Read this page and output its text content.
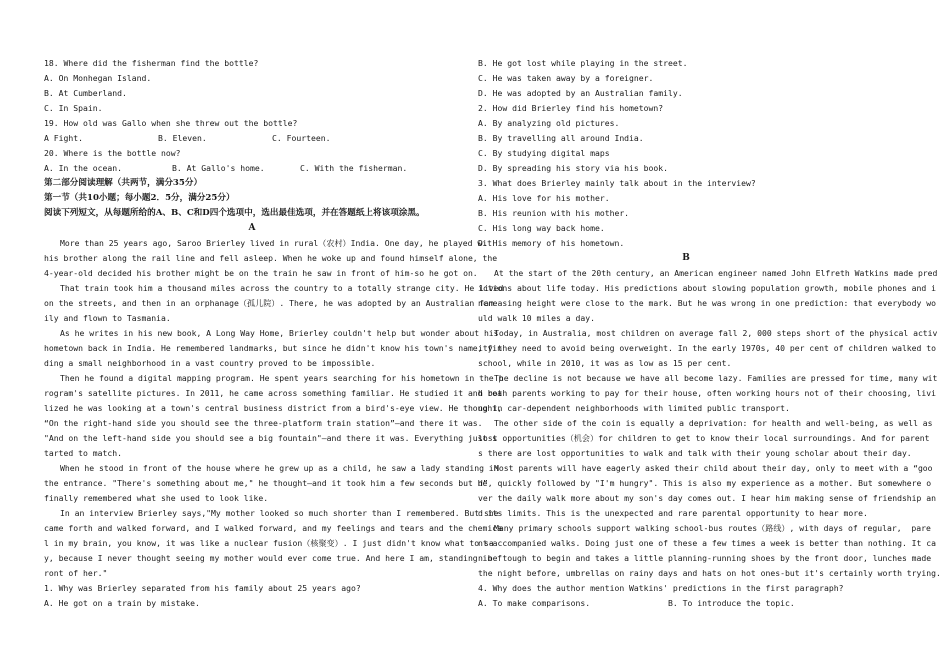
18. Where did the fisherman find the bottle?
A. On Monhegan Island.
B. At Cumberland.
C. In Spain.
19. How old was Gallo when she threw out the bottle?
A Fight.	B. Eleven.	C. Fourteen.
20. Where is the bottle now?
A. In the ocean.	B. At Gallo's home.	C. With the fisherman.
第二部分阅读理解（共两节，满分35分）
第一节（共10小题；每小题2．5分，满分25分）
阅读下列短文，从每题所给的A、B、C和D四个选项中，选出最佳选项，并在答题纸上将该项涂黑。
A
More than 25 years ago, Saroo Brierley lived in rural（农村）India. One day, he played wit
his brother along the rail line and fell asleep. When he woke up and found himself alone, the
4-year-old decided his brother might be on the train he saw in front of him-so he got on.
That train took him a thousand miles across the country to a totally strange city. He lived
on the streets, and then in an orphanage（孤儿院）. There, he was adopted by an Australian fam
ily and flown to Tasmania.
As he writes in his new book, A Long Way Home, Brierley couldn't help but wonder about his
hometown back in India. He remembered landmarks, but since he didn't know his town's name, fin
ding a small neighborhood in a vast country proved to be impossible.
Then he found a digital mapping program. He spent years searching for his hometown in the p
rogram's satellite pictures. In 2011, he came across something familiar. He studied it and rea
lized he was looking at a town's central business district from a bird's-eye view. He thought,
“On the right-hand side you should see the three-platform train station”—and there it was.
"And on the left-hand side you should see a big fountain"—and there it was. Everything just s
tarted to match.
When he stood in front of the house where he grew up as a child, he saw a lady standing in
the entrance. "There's something about me," he thought—and it took him a few seconds but he
finally remembered what she used to look like.
In an interview Brierley says,"My mother looked so much shorter than I remembered. But she
came forth and walked forward, and I walked forward, and my feelings and tears and the chemica
l in my brain, you know, it was like a nuclear fusion（核聚变）. I just didn't know what to sa
y, because I never thought seeing my mother would ever come true. And here I am, standing in f
ront of her."
1. Why was Brierley separated from his family about 25 years ago?
A. He got on a train by mistake.
B. He got lost while playing in the street.
C. He was taken away by a foreigner.
D. He was adopted by an Australian family.
2. How did Brierley find his hometown?
A. By analyzing old pictures.
B. By travelling all around India.
C. By studying digital maps
D. By spreading his story via his book.
3. What does Brierley mainly talk about in the interview?
A. His love for his mother.
B. His reunion with his mother.
C. His long way back home.
D. His memory of his hometown.
B
At the start of the 20th century, an American engineer named John Elfreth Watkins made pred
ictions about life today. His predictions about slowing population growth, mobile phones and i
ncreasing height were close to the mark. But he was wrong in one prediction: that everybody wo
uld walk 10 miles a day.
Today, in Australia, most children on average fall 2, 000 steps short of the physical activ
ity they need to avoid being overweight. In the early 1970s, 40 per cent of children walked to
school, while in 2010, it was as low as 15 per cent.
The decline is not because we have all become lazy. Families are pressed for time, many wit
h both parents working to pay for their house, often working hours not of their choosing, livi
ng in car-dependent neighborhoods with limited public transport.
The other side of the coin is equally a deprivation: for health and well-being, as well as
lost opportunities（机会）for children to get to know their local surroundings. And for parent
s there are lost opportunities to walk and talk with their young scholar about their day.
Most parents will have eagerly asked their child about their day, only to meet with a “goo
d”, quickly followed by "I'm hungry". This is also my experience as a mother. But somewhere o
ver the daily walk more about my son's day comes out. I hear him making sense of friendship an
d its limits. This is the unexpected and rare parental opportunity to hear more.
Many primary schools support walking school-bus routes（路线）, with days of regular,  pare
nt-accompanied walks. Doing just one of these a few times a week is better than nothing. It ca
n be tough to begin and takes a little planning-running shoes by the front door, lunches made
the night before, umbrellas on rainy days and hats on hot ones-but it's certainly worth trying.
4. Why does the author mention Watkins' predictions in the first paragraph?
A. To make comparisons.	B. To introduce the topic.
